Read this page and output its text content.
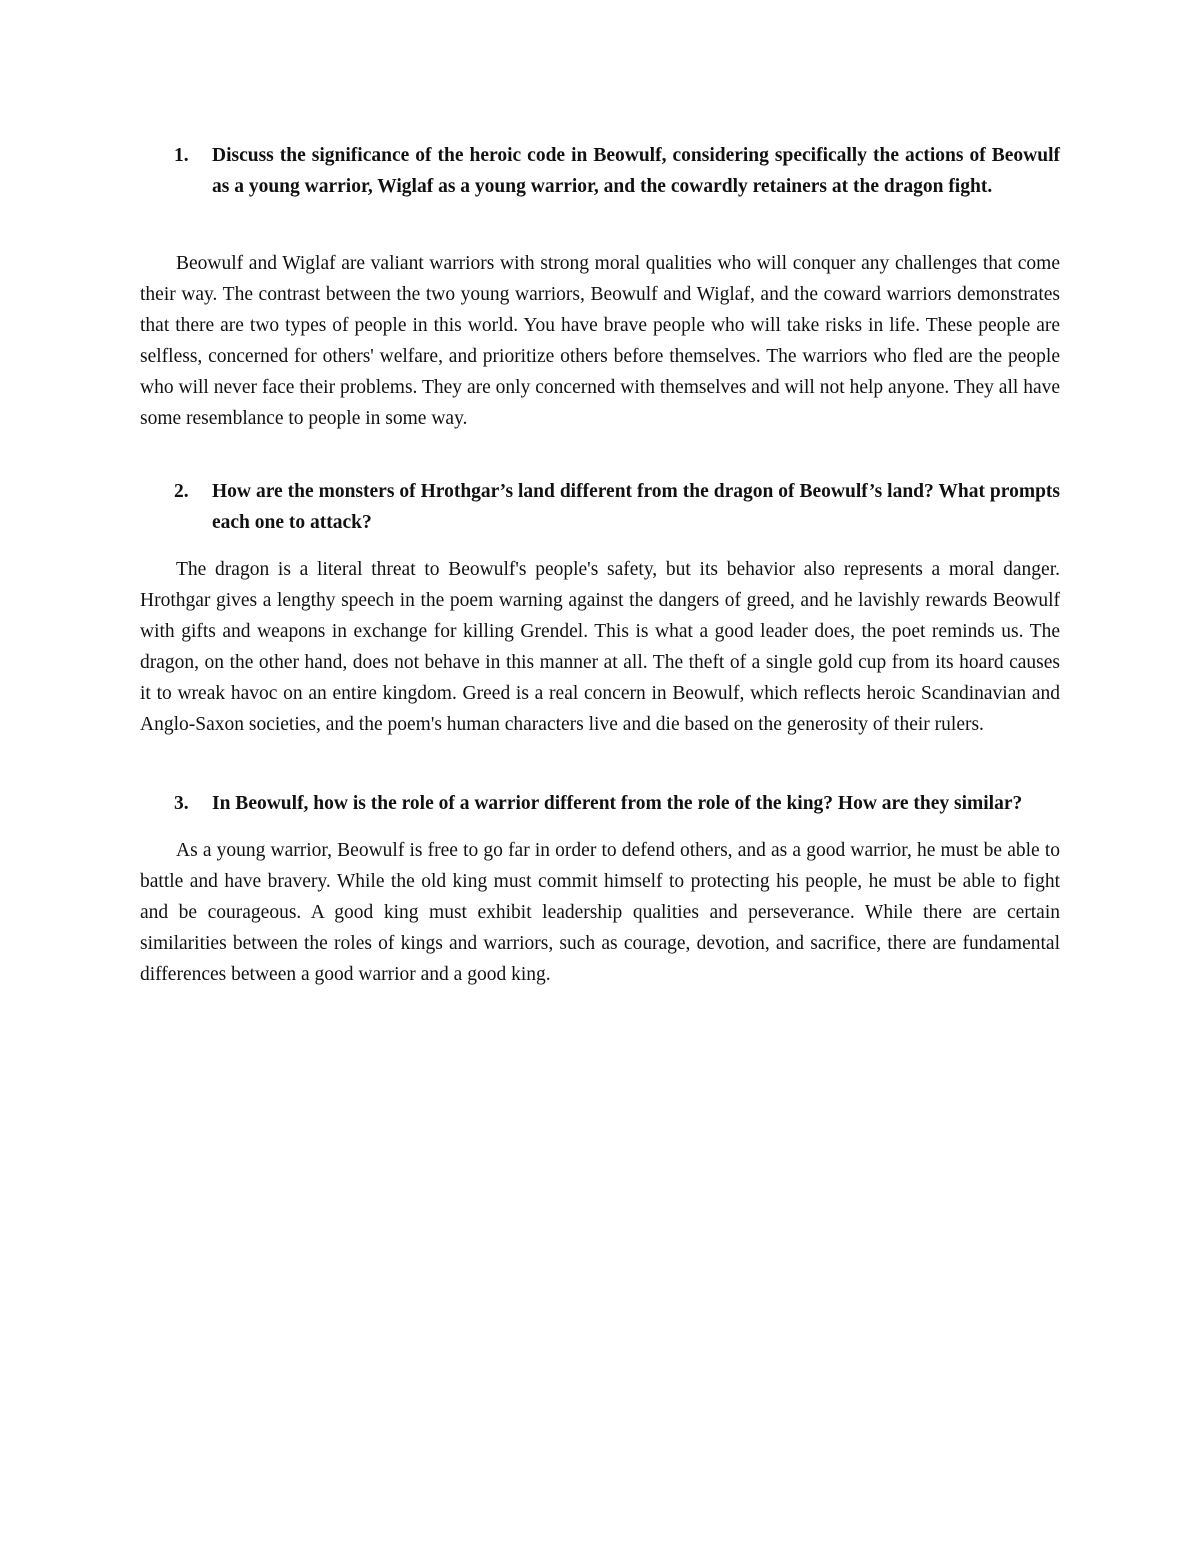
1.	Discuss the significance of the heroic code in Beowulf, considering specifically the actions of Beowulf as a young warrior, Wiglaf as a young warrior, and the cowardly retainers at the dragon fight.

Beowulf and Wiglaf are valiant warriors with strong moral qualities who will conquer any challenges that come their way. The contrast between the two young warriors, Beowulf and Wiglaf, and the coward warriors demonstrates that there are two types of people in this world. You have brave people who will take risks in life. These people are selfless, concerned for others' welfare, and prioritize others before themselves. The warriors who fled are the people who will never face their problems. They are only concerned with themselves and will not help anyone. They all have some resemblance to people in some way.

2.	How are the monsters of Hrothgar’s land different from the dragon of Beowulf’s land? What prompts each one to attack?

The dragon is a literal threat to Beowulf's people's safety, but its behavior also represents a moral danger. Hrothgar gives a lengthy speech in the poem warning against the dangers of greed, and he lavishly rewards Beowulf with gifts and weapons in exchange for killing Grendel. This is what a good leader does, the poet reminds us. The dragon, on the other hand, does not behave in this manner at all. The theft of a single gold cup from its hoard causes it to wreak havoc on an entire kingdom. Greed is a real concern in Beowulf, which reflects heroic Scandinavian and Anglo-Saxon societies, and the poem's human characters live and die based on the generosity of their rulers.

3.	In Beowulf, how is the role of a warrior different from the role of the king? How are they similar?

As a young warrior, Beowulf is free to go far in order to defend others, and as a good warrior, he must be able to battle and have bravery. While the old king must commit himself to protecting his people, he must be able to fight and be courageous. A good king must exhibit leadership qualities and perseverance. While there are certain similarities between the roles of kings and warriors, such as courage, devotion, and sacrifice, there are fundamental differences between a good warrior and a good king.
